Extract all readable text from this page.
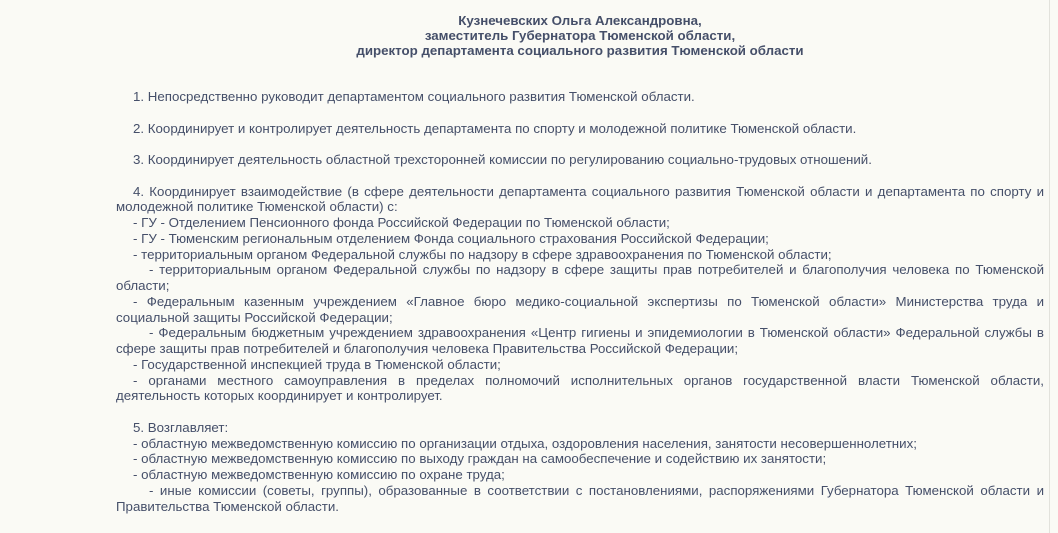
Кузнечевских Ольга Александровна,
заместитель Губернатора Тюменской области,
директор департамента социального развития Тюменской области

1. Непосредственно руководит департаментом социального развития Тюменской области.

2. Координирует и контролирует деятельность департамента по спорту и молодежной политике Тюменской области.

3. Координирует деятельность областной трехсторонней комиссии по регулированию социально-трудовых отношений.

4. Координирует взаимодействие (в сфере деятельности департамента социального развития Тюменской области и департамента по спорту и молодежной политике Тюменской области) с:

- ГУ - Отделением Пенсионного фонда Российской Федерации по Тюменской области;

- ГУ - Тюменским региональным отделением Фонда социального страхования Российской Федерации;

- территориальным органом Федеральной службы по надзору в сфере здравоохранения по Тюменской области;

- территориальным органом Федеральной службы по надзору в сфере защиты прав потребителей и благополучия человека по Тюменской области;

- Федеральным казенным учреждением «Главное бюро медико-социальной экспертизы по Тюменской области» Министерства труда и социальной защиты Российской Федерации;

- Федеральным бюджетным учреждением здравоохранения «Центр гигиены и эпидемиологии в Тюменской области» Федеральной службы в сфере защиты прав потребителей и благополучия человека Правительства Российской Федерации;

- Государственной инспекцией труда в Тюменской области;

- органами местного самоуправления в пределах полномочий исполнительных органов государственной власти Тюменской области, деятельность которых координирует и контролирует.

5. Возглавляет:

- областную межведомственную комиссию по организации отдыха, оздоровления населения, занятости несовершеннолетних;

- областную межведомственную комиссию по выходу граждан на самообеспечение и содействию их занятости;

- областную межведомственную комиссию по охране труда;

- иные комиссии (советы, группы), образованные в соответствии с постановлениями, распоряжениями Губернатора Тюменской области и Правительства Тюменской области.
